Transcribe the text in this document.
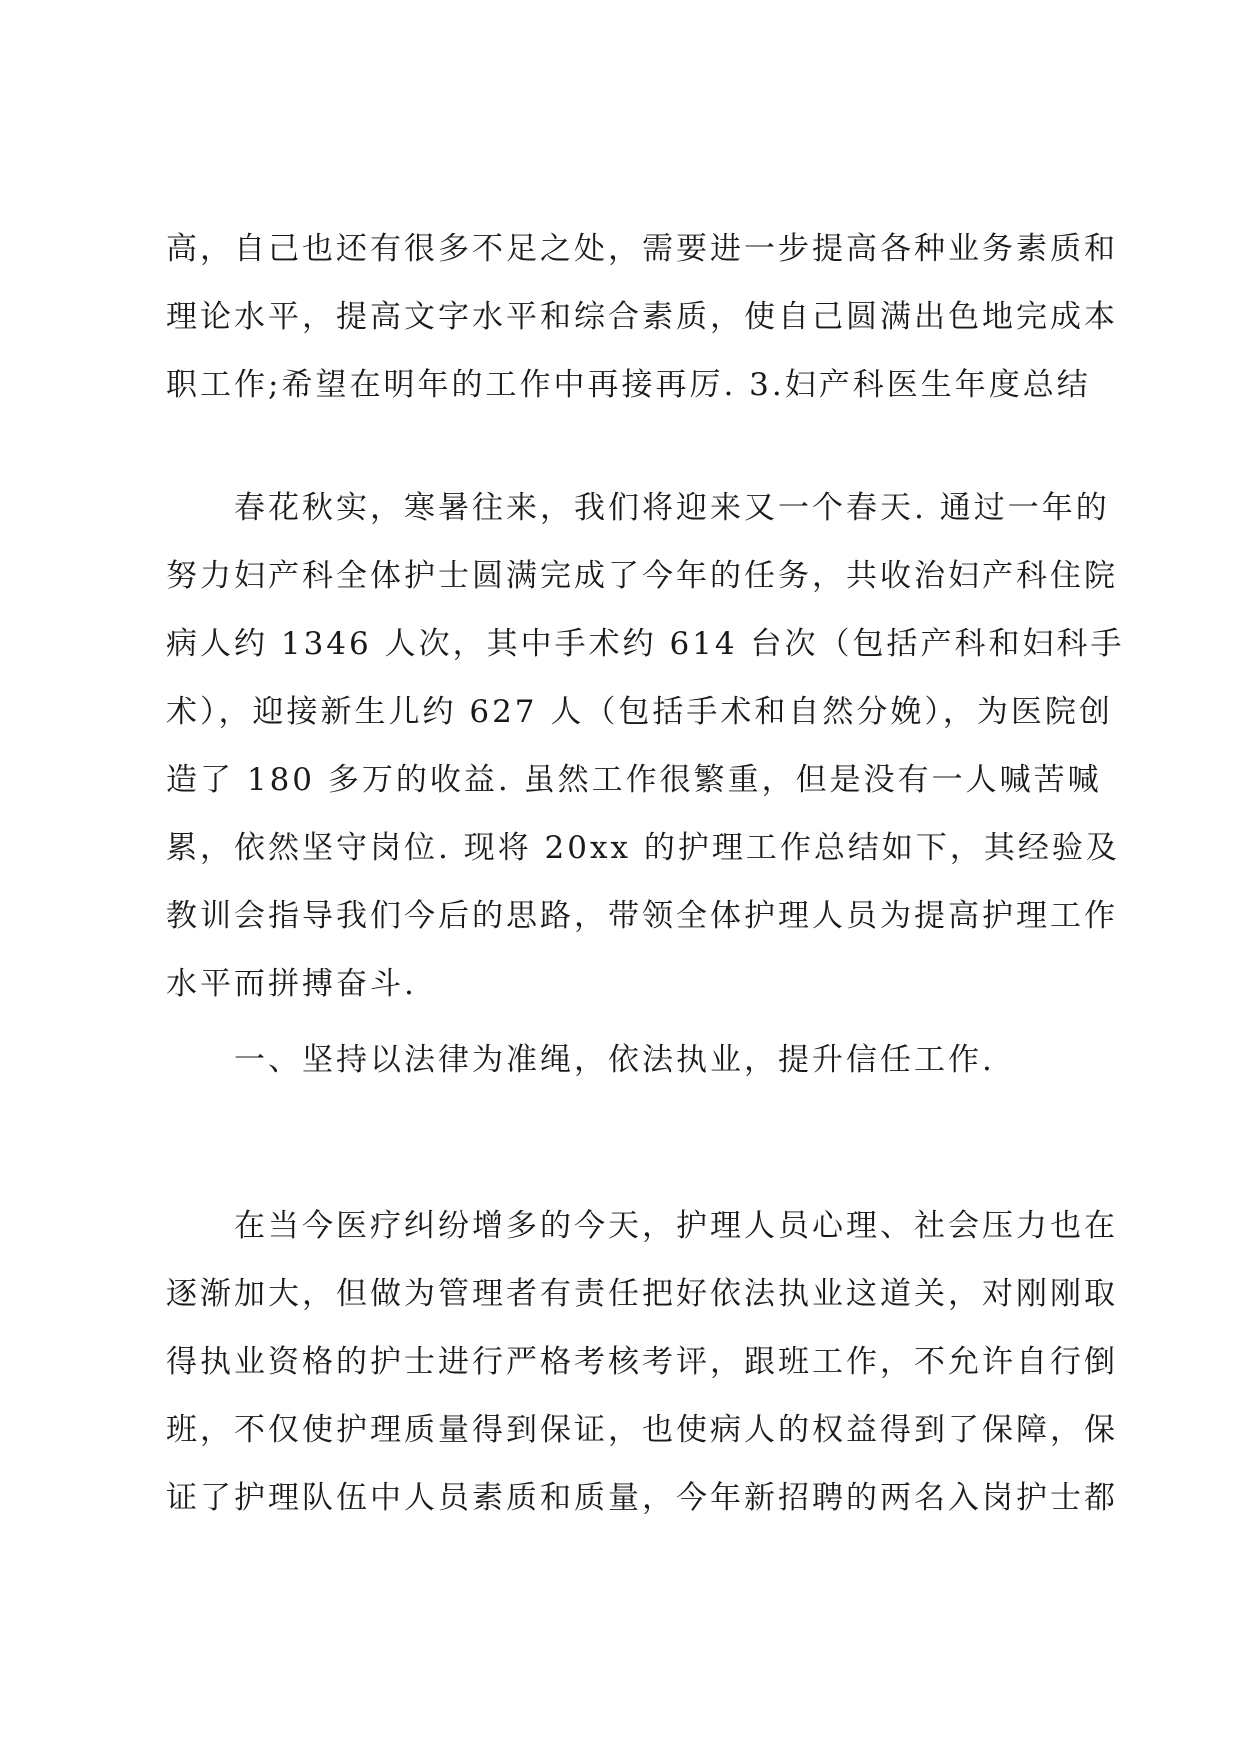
高，自己也还有很多不足之处，需要进一步提高各种业务素质和
理论水平，提高文字水平和综合素质，使自己圆满出色地完成本
职工作;希望在明年的工作中再接再厉. 3.妇产科医生年度总结

春花秋实，寒暑往来，我们将迎来又一个春天. 通过一年的
努力妇产科全体护士圆满完成了今年的任务，共收治妇产科住院
病人约 1346 人次，其中手术约 614 台次（包括产科和妇科手
术），迎接新生儿约 627 人（包括手术和自然分娩），为医院创
造了 180 多万的收益. 虽然工作很繁重，但是没有一人喊苦喊
累，依然坚守岗位. 现将 20xx 的护理工作总结如下，其经验及
教训会指导我们今后的思路，带领全体护理人员为提高护理工作
水平而拼搏奋斗.

一、坚持以法律为准绳，依法执业，提升信任工作.

在当今医疗纠纷增多的今天，护理人员心理、社会压力也在
逐渐加大，但做为管理者有责任把好依法执业这道关，对刚刚取
得执业资格的护士进行严格考核考评，跟班工作，不允许自行倒
班，不仅使护理质量得到保证，也使病人的权益得到了保障，保
证了护理队伍中人员素质和质量，今年新招聘的两名入岗护士都
